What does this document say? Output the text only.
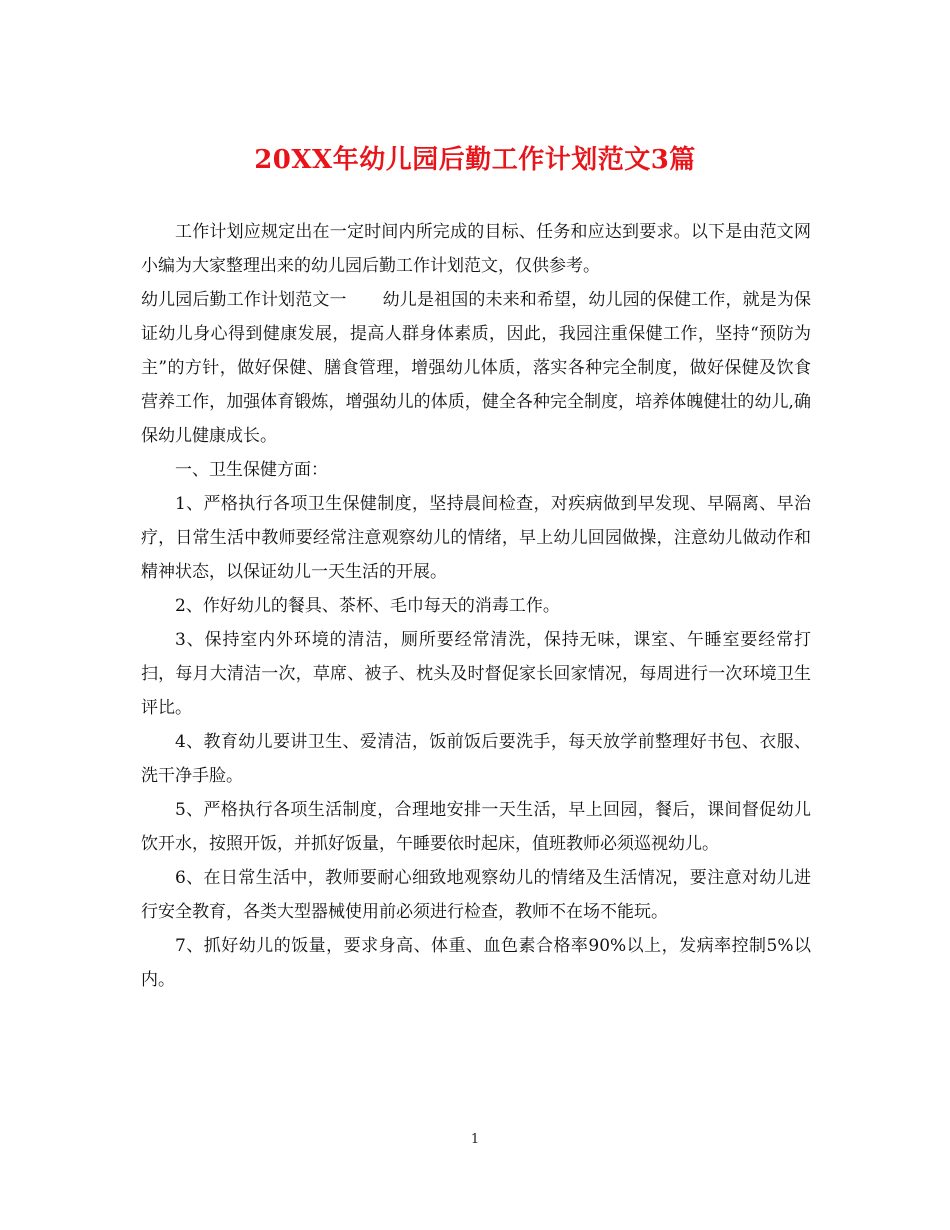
20XX年幼儿园后勤工作计划范文3篇

工作计划应规定出在一定时间内所完成的目标、任务和应达到要求。以下是由范文网小编为大家整理出来的幼儿园后勤工作计划范文，仅供参考。

幼儿园后勤工作计划范文一 幼儿是祖国的未来和希望，幼儿园的保健工作，就是为保证幼儿身心得到健康发展，提高人群身体素质，因此，我园注重保健工作，坚持“预防为主”的方针，做好保健、膳食管理，增强幼儿体质，落实各种完全制度，做好保健及饮食营养工作，加强体育锻炼，增强幼儿的体质，健全各种完全制度，培养体魄健壮的幼儿,确保幼儿健康成长。

一、卫生保健方面：

1、严格执行各项卫生保健制度，坚持晨间检查，对疾病做到早发现、早隔离、早治疗，日常生活中教师要经常注意观察幼儿的情绪，早上幼儿回园做操，注意幼儿做动作和精神状态，以保证幼儿一天生活的开展。

2、作好幼儿的餐具、茶杯、毛巾每天的消毒工作。

3、保持室内外环境的清洁，厕所要经常清洗，保持无味，课室、午睡室要经常打扫，每月大清洁一次，草席、被子、枕头及时督促家长回家情况，每周进行一次环境卫生评比。

4、教育幼儿要讲卫生、爱清洁，饭前饭后要洗手，每天放学前整理好书包、衣服、洗干净手脸。

5、严格执行各项生活制度，合理地安排一天生活，早上回园，餐后，课间督促幼儿饮开水，按照开饭，并抓好饭量，午睡要依时起床，值班教师必须巡视幼儿。

6、在日常生活中，教师要耐心细致地观察幼儿的情绪及生活情况，要注意对幼儿进行安全教育，各类大型器械使用前必须进行检查，教师不在场不能玩。

7、抓好幼儿的饭量，要求身高、体重、血色素合格率90%以上，发病率控制5%以内。

1
